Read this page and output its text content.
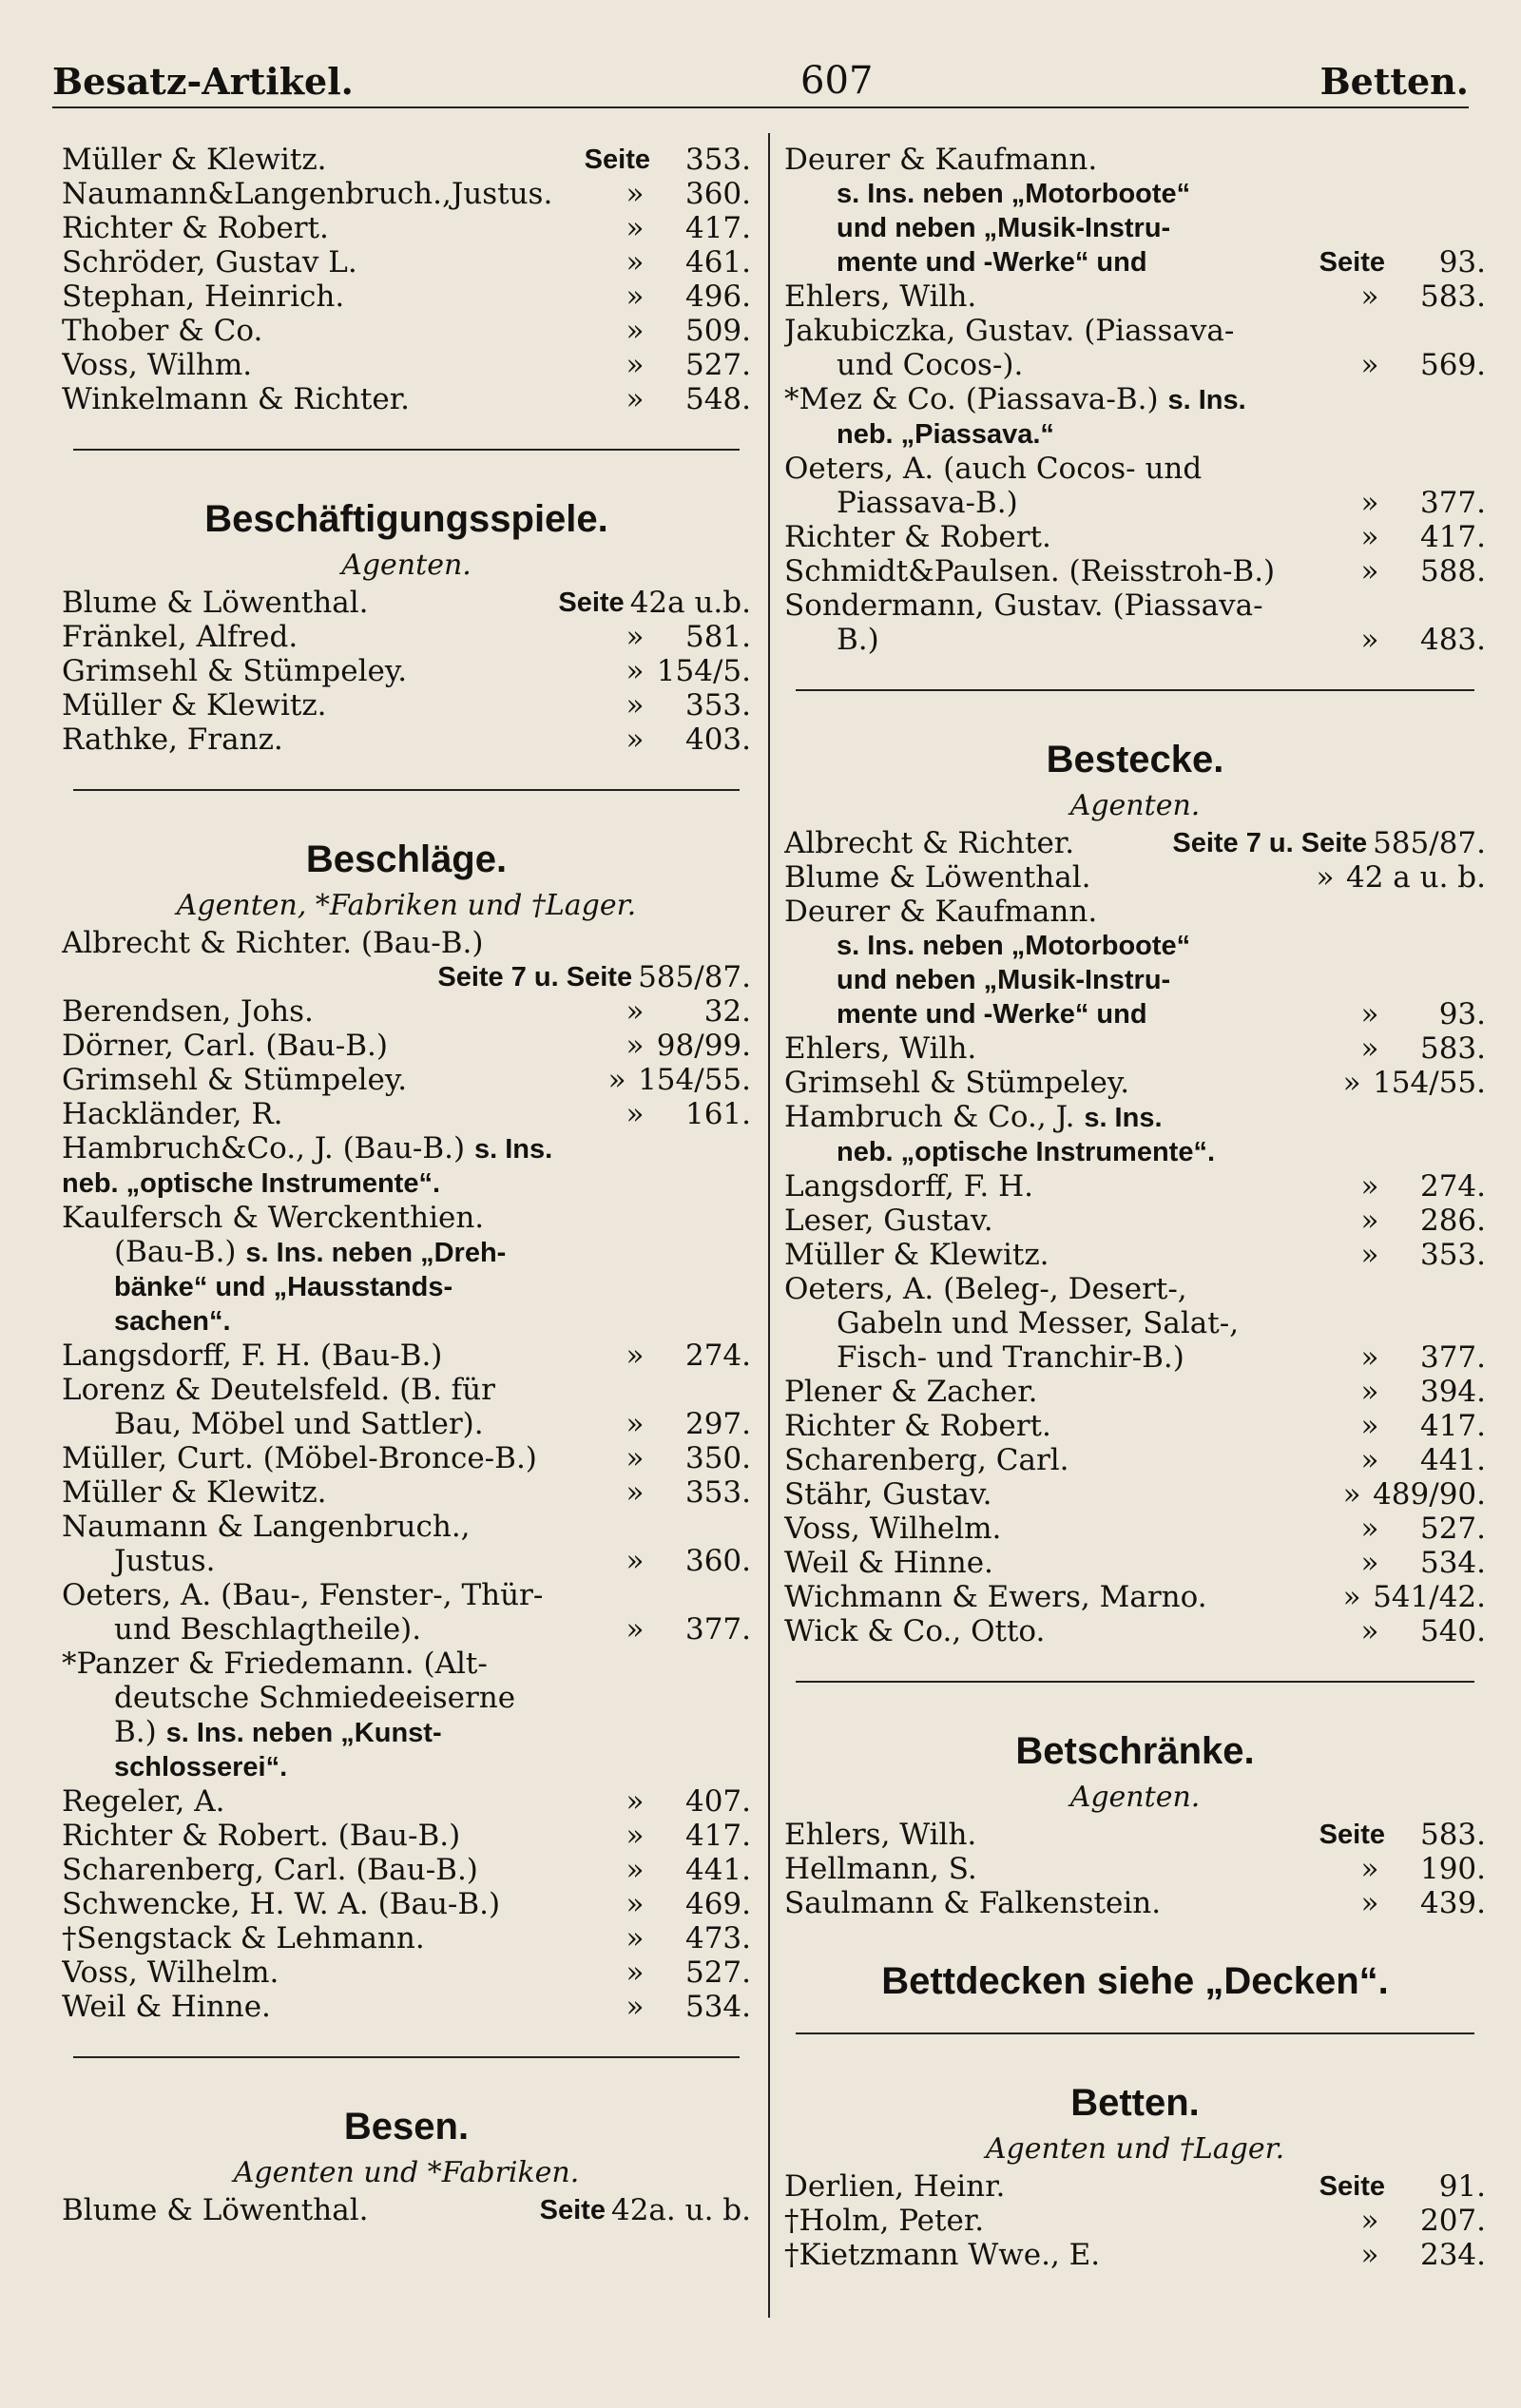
Besatz-Artikel.	607	Betten.
Müller & Klewitz.	Seite	353.
Naumann&Langenbruch.,Justus.	»	360.
Richter & Robert.	»	417.
Schröder, Gustav L.	»	461.
Stephan, Heinrich.	»	496.
Thober & Co.	»	509.
Voss, Wilhm.	»	527.
Winkelmann & Richter.	»	548.
Beschäftigungsspiele.
Agenten.
Blume & Löwenthal.	Seite 42a u.b.
Fränkel, Alfred.	»	581.
Grimsehl & Stümpeley.	» 154/5.
Müller & Klewitz.	»	353.
Rathke, Franz.	»	403.
Beschläge.
Agenten, *Fabriken und †Lager.
Albrecht & Richter. (Bau-B.)
Seite 7 u. Seite 585/87.
Berendsen, Johs.	»	32.
Dörner, Carl. (Bau-B.)	» 98/99.
Grimsehl & Stümpeley.	» 154/55.
Hackländer, R.	»	161.
Hambruch&Co., J. (Bau-B.) s. Ins.
neb. „optische Instrumente“.
Kaulfersch & Werckenthien.
(Bau-B.) s. Ins. neben „Dreh-
bänke“ und „Hausstands-
sachen“.
Langsdorff, F. H. (Bau-B.)	»	274.
Lorenz & Deutelsfeld. (B. für
Bau, Möbel und Sattler).	»	297.
Müller, Curt. (Möbel-Bronce-B.)	»	350.
Müller & Klewitz.	»	353.
Naumann & Langenbruch.,
Justus.	»	360.
Oeters, A. (Bau-, Fenster-, Thür-
und Beschlagtheile).	»	377.
*Panzer & Friedemann. (Alt-
deutsche Schmiedeeiserne
B.) s. Ins. neben „Kunst-
schlosserei“.
Regeler, A.	»	407.
Richter & Robert. (Bau-B.)	»	417.
Scharenberg, Carl. (Bau-B.)	»	441.
Schwencke, H. W. A. (Bau-B.)	»	469.
†Sengstack & Lehmann.	»	473.
Voss, Wilhelm.	»	527.
Weil & Hinne.	»	534.
Besen.
Agenten und *Fabriken.
Blume & Löwenthal.	Seite 42a. u. b.
Deurer & Kaufmann.
s. Ins. neben „Motorboote“
und neben „Musik-Instru-
mente und -Werke“ und	Seite	93.
Ehlers, Wilh.	»	583.
Jakubiczka, Gustav. (Piassava-
und Cocos-).	»	569.
*Mez & Co. (Piassava-B.) s. Ins.
neb. „Piassava.“
Oeters, A. (auch Cocos- und
Piassava-B.)	»	377.
Richter & Robert.	»	417.
Schmidt&Paulsen. (Reisstroh-B.)	»	588.
Sondermann, Gustav. (Piassava-
B.)	»	483.
Bestecke.
Agenten.
Albrecht & Richter.	Seite 7 u. Seite 585/87.
Blume & Löwenthal.	» 42 a u. b.
Deurer & Kaufmann.
s. Ins. neben „Motorboote“
und neben „Musik-Instru-
mente und -Werke“ und	»	93.
Ehlers, Wilh.	»	583.
Grimsehl & Stümpeley.	» 154/55.
Hambruch & Co., J. s. Ins.
neb. „optische Instrumente“.
Langsdorff, F. H.	»	274.
Leser, Gustav.	»	286.
Müller & Klewitz.	»	353.
Oeters, A. (Beleg-, Desert-,
Gabeln und Messer, Salat-,
Fisch- und Tranchir-B.)	»	377.
Plener & Zacher.	»	394.
Richter & Robert.	»	417.
Scharenberg, Carl.	»	441.
Stähr, Gustav.	» 489/90.
Voss, Wilhelm.	»	527.
Weil & Hinne.	»	534.
Wichmann & Ewers, Marno.	» 541/42.
Wick & Co., Otto.	»	540.
Betschränke.
Agenten.
Ehlers, Wilh.	Seite	583.
Hellmann, S.	»	190.
Saulmann & Falkenstein.	»	439.
Bettdecken siehe „Decken“.
Betten.
Agenten und †Lager.
Derlien, Heinr.	Seite	91.
†Holm, Peter.	»	207.
†Kietzmann Wwe., E.	»	234.
